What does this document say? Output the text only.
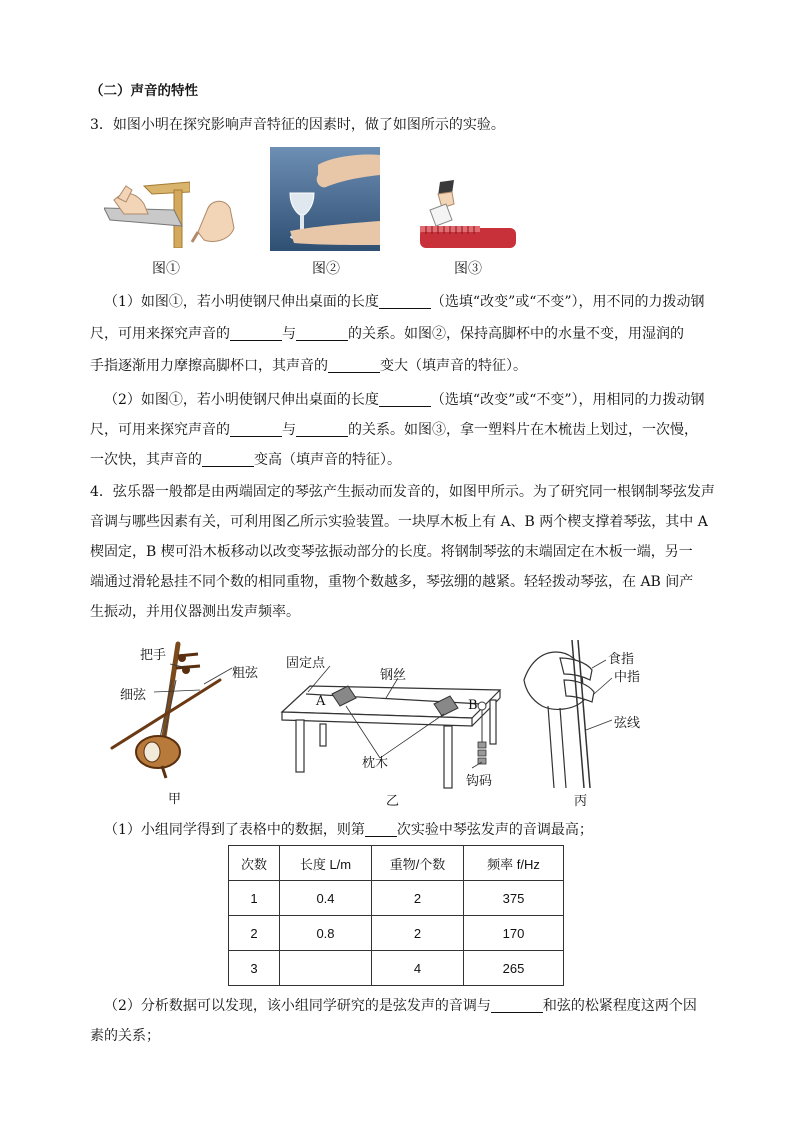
（二）声音的特性
3．如图小明在探究影响声音特征的因素时，做了如图所示的实验。
图①	图②	图③
（1）如图①，若小明使钢尺伸出桌面的长度	（选填“改变”或“不变”），用不同的力拨动钢
尺，可用来探究声音的	与	的关系。如图②，保持高脚杯中的水量不变，用湿润的
手指逐渐用力摩擦高脚杯口，其声音的	变大（填声音的特征）。
（2）如图①，若小明使钢尺伸出桌面的长度	（选填“改变”或“不变”），用相同的力拨动钢
尺，可用来探究声音的	与	的关系。如图③，拿一塑料片在木梳齿上划过，一次慢，
一次快，其声音的	变高（填声音的特征）。
4．弦乐器一般都是由两端固定的琴弦产生振动而发音的，如图甲所示。为了研究同一根钢制琴弦发声
音调与哪些因素有关，可利用图乙所示实验装置。一块厚木板上有 A、B 两个楔支撑着琴弦，其中 A
楔固定，B 楔可沿木板移动以改变琴弦振动部分的长度。将钢制琴弦的末端固定在木板一端，另一
端通过滑轮悬挂不同个数的相同重物，重物个数越多，琴弦绷的越紧。轻轻拨动琴弦，在 AB 间产
生振动，并用仪器测出发声频率。
把手
粗弦
细弦
甲
固定点
钢丝
A	B
枕木
钩码
乙
食指
中指
弦线
丙
（1）小组同学得到了表格中的数据，则第 次实验中琴弦发声的音调最高；
次数	长度 L/m	重物/个数	频率 f/Hz
1	0.4	2	375
2	0.8	2	170
3		4	265
（2）分析数据可以发现，该小组同学研究的是弦发声的音调与	和弦的松紧程度这两个因
素的关系；
